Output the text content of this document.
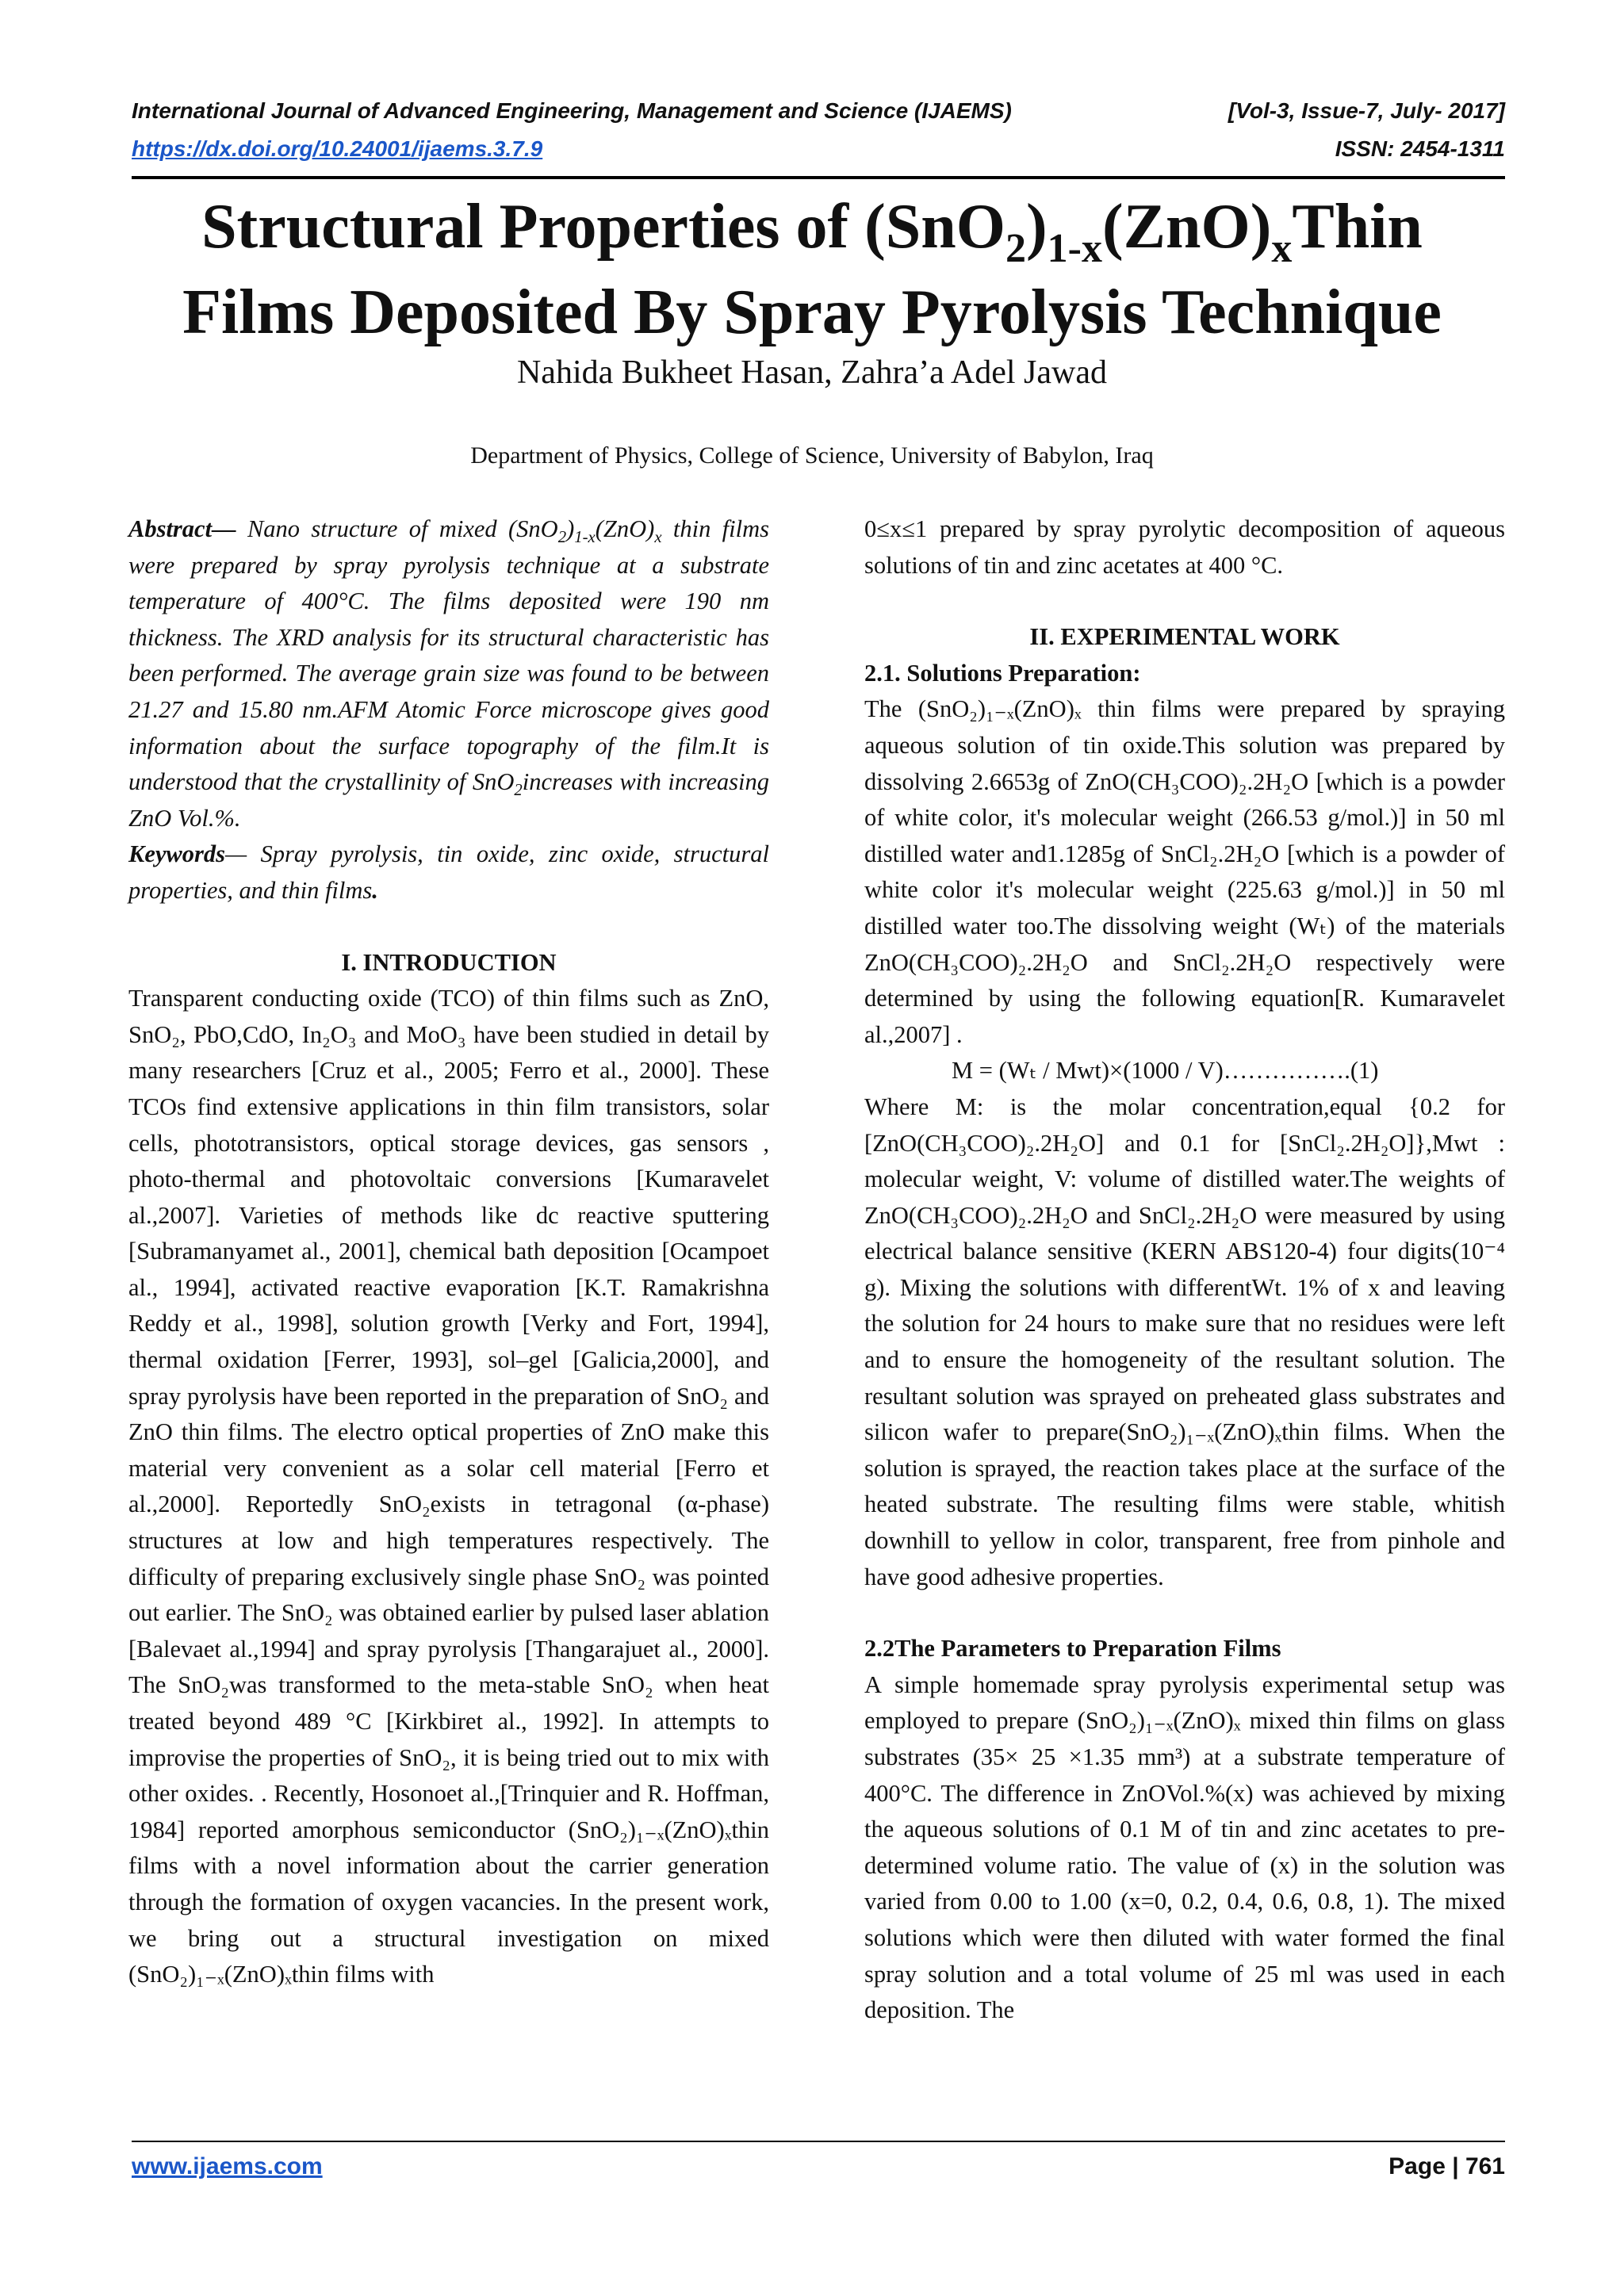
International Journal of Advanced Engineering, Management and Science (IJAEMS)	[Vol-3, Issue-7, July- 2017]
https://dx.doi.org/10.24001/ijaems.3.7.9	ISSN: 2454-1311
Structural Properties of $(SnO_2)_{1-x}(ZnO)_xThin$
Films Deposited By Spray Pyrolysis Technique
Nahida Bukheet Hasan, Zahra’a Adel Jawad
Department of Physics, College of Science, University of Babylon, Iraq

Abstract— Nano structure of mixed $(SnO_2)_{1-x}(ZnO)_x$ thin films were prepared by spray pyrolysis technique at a substrate temperature of 400°C. The films deposited were 190 nm thickness. The XRD analysis for its structural characteristic has been performed. The average grain size was found to be between 21.27 and 15.80 nm.AFM Atomic Force microscope gives good information about the surface topography of the film.It is understood that the crystallinity of SnO$_2$increases with increasing ZnO Vol.%.
Keywords— Spray pyrolysis, tin oxide, zinc oxide, structural properties, and thin films.

I. INTRODUCTION

Transparent conducting oxide (TCO) of thin films such as ZnO, SnO₂, PbO,CdO, In₂O₃ and MoO₃ have been studied in detail by many researchers [Cruz et al., 2005; Ferro et al., 2000]. These TCOs find extensive applications in thin film transistors, solar cells, phototransistors, optical storage devices, gas sensors , photo-thermal and photovoltaic conversions [Kumaravelet al.,2007]. Varieties of methods like dc reactive sputtering [Subramanyamet al., 2001], chemical bath deposition [Ocampoet al., 1994], activated reactive evaporation [K.T. Ramakrishna Reddy et al., 1998], solution growth [Verky and Fort, 1994], thermal oxidation [Ferrer, 1993], sol–gel [Galicia,2000], and spray pyrolysis have been reported in the preparation of SnO₂ and ZnO thin films. The electro optical properties of ZnO make this material very convenient as a solar cell material [Ferro et al.,2000]. Reportedly SnO₂exists in tetragonal (α-phase) structures at low and high temperatures respectively. The difficulty of preparing exclusively single phase SnO₂ was pointed out earlier. The SnO₂ was obtained earlier by pulsed laser ablation [Balevaet al.,1994] and spray pyrolysis [Thangarajuet al., 2000]. The SnO₂was transformed to the meta-stable SnO₂ when heat treated beyond 489 °C [Kirkbiret al., 1992]. In attempts to improvise the properties of SnO₂, it is being tried out to mix with other oxides. . Recently, Hosonoet al.,[Trinquier and R. Hoffman, 1984] reported amorphous semiconductor (SnO₂)₁₋ₓ(ZnO)ₓthin films with a novel information about the carrier generation through the formation of oxygen vacancies. In the present work, we bring out a structural investigation on mixed (SnO₂)₁₋ₓ(ZnO)ₓthin films with

0≤x≤1 prepared by spray pyrolytic decomposition of aqueous solutions of tin and zinc acetates at 400 °C.

II. EXPERIMENTAL WORK

2.1. Solutions Preparation:

The (SnO₂)₁₋ₓ(ZnO)ₓ thin films were prepared by spraying aqueous solution of tin oxide.This solution was prepared by dissolving 2.6653g of ZnO(CH₃COO)₂.2H₂O [which is a powder of white color, it's molecular weight (266.53 g/mol.)] in 50 ml distilled water and1.1285g of SnCl₂.2H₂O [which is a powder of white color it's molecular weight (225.63 g/mol.)] in 50 ml distilled water too.The dissolving weight (Wₜ) of the materials ZnO(CH₃COO)₂.2H₂O and SnCl₂.2H₂O respectively were determined by using the following equation[R. Kumaravelet al.,2007] .

M = (Wₜ / Mwt)×(1000 / V)…………….(1)

Where M: is the molar concentration,equal {0.2 for [ZnO(CH₃COO)₂.2H₂O] and 0.1 for [SnCl₂.2H₂O]},Mwt : molecular weight, V: volume of distilled water.The weights of ZnO(CH₃COO)₂.2H₂O and SnCl₂.2H₂O were measured by using electrical balance sensitive (KERN ABS120-4) four digits(10⁻⁴ g). Mixing the solutions with differentWt. 1% of x and leaving the solution for 24 hours to make sure that no residues were left and to ensure the homogeneity of the resultant solution. The resultant solution was sprayed on preheated glass substrates and silicon wafer to prepare(SnO₂)₁₋ₓ(ZnO)ₓthin films. When the solution is sprayed, the reaction takes place at the surface of the heated substrate. The resulting films were stable, whitish downhill to yellow in color, transparent, free from pinhole and have good adhesive properties.

2.2The Parameters to Preparation Films

A simple homemade spray pyrolysis experimental setup was employed to prepare (SnO₂)₁₋ₓ(ZnO)ₓ mixed thin films on glass substrates (35× 25 ×1.35 mm³) at a substrate temperature of 400°C. The difference in ZnOVol.%(x) was achieved by mixing the aqueous solutions of 0.1 M of tin and zinc acetates to pre-determined volume ratio. The value of (x) in the solution was varied from 0.00 to 1.00 (x=0, 0.2, 0.4, 0.6, 0.8, 1). The mixed solutions which were then diluted with water formed the final spray solution and a total volume of 25 ml was used in each deposition. The

www.ijaems.com	Page | 761
